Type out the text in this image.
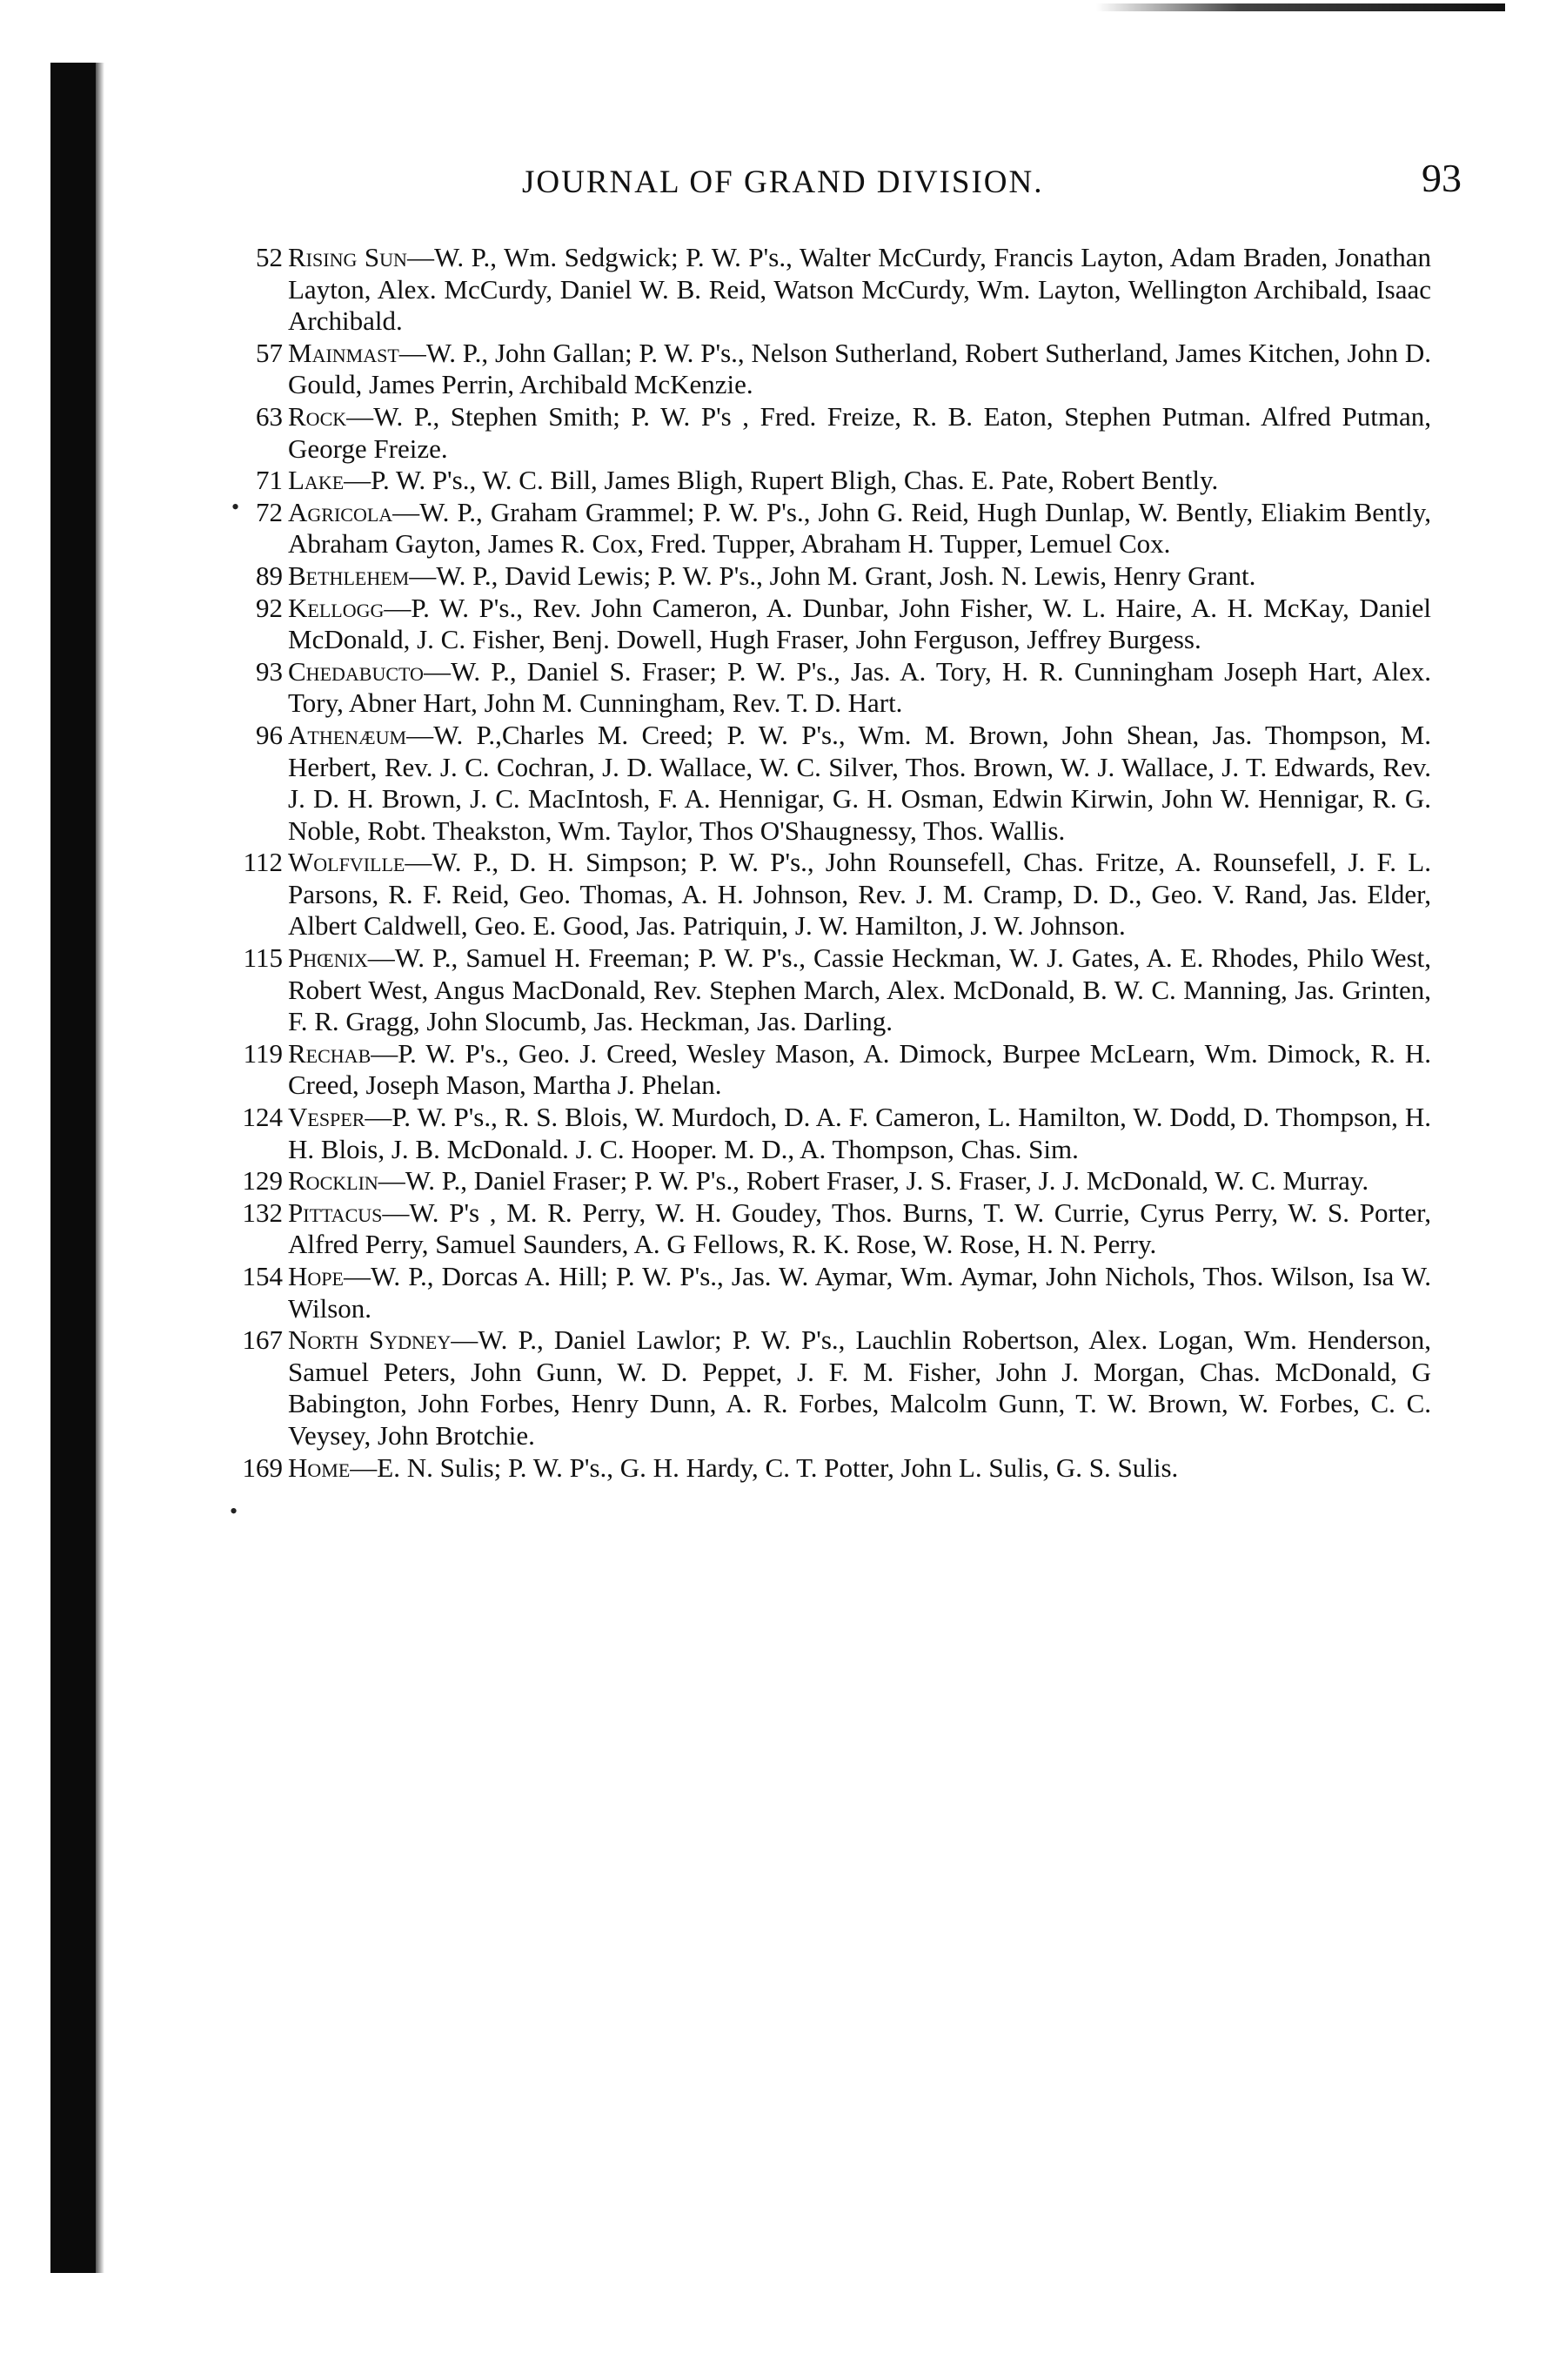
JOURNAL OF GRAND DIVISION.	93
•
•

52 Rising Sun—W. P., Wm. Sedgwick; P. W. P's., Walter McCurdy, Francis Layton, Adam Braden, Jonathan Layton, Alex. McCurdy, Daniel W. B. Reid, Watson McCurdy, Wm. Layton, Wellington Archibald, Isaac Archibald.

57 Mainmast—W. P., John Gallan; P. W. P's., Nelson Sutherland, Robert Sutherland, James Kitchen, John D. Gould, James Perrin, Archibald McKenzie.

63 Rock—W. P., Stephen Smith; P. W. P's , Fred. Freize, R. B. Eaton, Stephen Putman. Alfred Putman, George Freize.

71 Lake—P. W. P's., W. C. Bill, James Bligh, Rupert Bligh, Chas. E. Pate, Robert Bently.

72 Agricola—W. P., Graham Grammel; P. W. P's., John G. Reid, Hugh Dunlap, W. Bently, Eliakim Bently, Abraham Gayton, James R. Cox, Fred. Tupper, Abraham H. Tupper, Lemuel Cox.

89 Bethlehem—W. P., David Lewis; P. W. P's., John M. Grant, Josh. N. Lewis, Henry Grant.

92 Kellogg—P. W. P's., Rev. John Cameron, A. Dunbar, John Fisher, W. L. Haire, A. H. McKay, Daniel McDonald, J. C. Fisher, Benj. Dowell, Hugh Fraser, John Ferguson, Jeffrey Burgess.

93 Chedabucto—W. P., Daniel S. Fraser; P. W. P's., Jas. A. Tory, H. R. Cunningham Joseph Hart, Alex. Tory, Abner Hart, John M. Cunningham, Rev. T. D. Hart.

96 Athenæum—W. P.,Charles M. Creed; P. W. P's., Wm. M. Brown, John Shean, Jas. Thompson, M. Herbert, Rev. J. C. Cochran, J. D. Wallace, W. C. Silver, Thos. Brown, W. J. Wallace, J. T. Edwards, Rev. J. D. H. Brown, J. C. MacIntosh, F. A. Hennigar, G. H. Osman, Edwin Kirwin, John W. Hennigar, R. G. Noble, Robt. Theakston, Wm. Taylor, Thos O'Shaugnessy, Thos. Wallis.

112 Wolfville—W. P., D. H. Simpson; P. W. P's., John Rounsefell, Chas. Fritze, A. Rounsefell, J. F. L. Parsons, R. F. Reid, Geo. Thomas, A. H. Johnson, Rev. J. M. Cramp, D. D., Geo. V. Rand, Jas. Elder, Albert Caldwell, Geo. E. Good, Jas. Patriquin, J. W. Hamilton, J. W. Johnson.

115 Phœnix—W. P., Samuel H. Freeman; P. W. P's., Cassie Heckman, W. J. Gates, A. E. Rhodes, Philo West, Robert West, Angus MacDonald, Rev. Stephen March, Alex. McDonald, B. W. C. Manning, Jas. Grinten, F. R. Gragg, John Slocumb, Jas. Heckman, Jas. Darling.

119 Rechab—P. W. P's., Geo. J. Creed, Wesley Mason, A. Dimock, Burpee McLearn, Wm. Dimock, R. H. Creed, Joseph Mason, Martha J. Phelan.

124 Vesper—P. W. P's., R. S. Blois, W. Murdoch, D. A. F. Cameron, L. Hamilton, W. Dodd, D. Thompson, H. H. Blois, J. B. McDonald. J. C. Hooper. M. D., A. Thompson, Chas. Sim.

129 Rocklin—W. P., Daniel Fraser; P. W. P's., Robert Fraser, J. S. Fraser, J. J. McDonald, W. C. Murray.

132 Pittacus—W. P's , M. R. Perry, W. H. Goudey, Thos. Burns, T. W. Currie, Cyrus Perry, W. S. Porter, Alfred Perry, Samuel Saunders, A. G Fellows, R. K. Rose, W. Rose, H. N. Perry.

154 Hope—W. P., Dorcas A. Hill; P. W. P's., Jas. W. Aymar, Wm. Aymar, John Nichols, Thos. Wilson, Isa W. Wilson.

167 North Sydney—W. P., Daniel Lawlor; P. W. P's., Lauchlin Robertson, Alex. Logan, Wm. Henderson, Samuel Peters, John Gunn, W. D. Peppet, J. F. M. Fisher, John J. Morgan, Chas. McDonald, G Babington, John Forbes, Henry Dunn, A. R. Forbes, Malcolm Gunn, T. W. Brown, W. Forbes, C. C. Veysey, John Brotchie.

169 Home—E. N. Sulis; P. W. P's., G. H. Hardy, C. T. Potter, John L. Sulis, G. S. Sulis.
